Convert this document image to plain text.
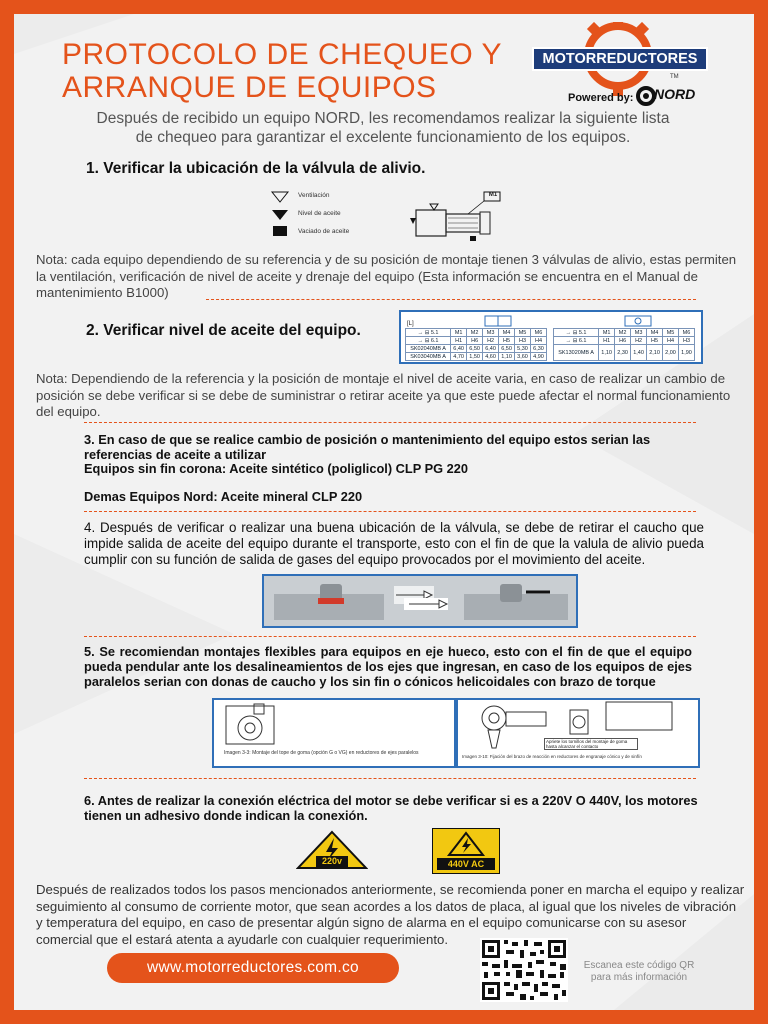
PROTOCOLO DE CHEQUEO Y
ARRANQUE DE EQUIPOS
MOTORREDUCTORES
TM
Powered by: NORD
Después de recibido un equipo NORD, les recomendamos realizar la siguiente lista de chequeo para garantizar el excelente funcionamiento de los equipos.
1. Verificar la ubicación de la válvula de alivio.
Ventilación
Nivel de aceite
Vaciado de aceite
M1
Nota: cada equipo dependiendo de su referencia y de su posición de montaje tienen 3 válvulas de alivio, estas permiten la ventilación, verificación de nivel de aceite y drenaje del equipo (Esta información se encuentra en el Manual de mantenimiento B1000)
2. Verificar nivel de aceite del equipo.	[L]
→ ⊟ 5.1	M1	M2	M3	M4	M5	M6
→ ⊟ 6.1	H1	H6	H2	H5	H3	H4
SK02040MB A	6,40	6,50	6,40	6,50	5,30	6,30
SK03040MB A	4,70	1,50	4,60	1,10	3,60	4,90
→ ⊟ 5.1	M1	M2	M3	M4	M5	M6
→ ⊟ 6.1	H1	H6	H2	H5	H4	H3
SK13020MB A	1,10	2,30	1,40	2,10	2,00	1,90
Nota: Dependiendo de la referencia y la posición de montaje el nivel de aceite varia, en caso de realizar un cambio de posición se debe verificar si se debe de suministrar o retirar aceite ya que este puede afectar el normal funcionamiento del equipo.
3. En caso de que se realice cambio de posición o mantenimiento del equipo estos serian las referencias de aceite a utilizar
Equipos sin fin corona: Aceite sintético (poliglicol) CLP PG 220
Demas Equipos Nord: Aceite mineral CLP 220
4. Después de verificar o realizar una buena ubicación de la válvula, se debe de retirar el caucho que impide salida de aceite del equipo durante el transporte, esto con el fin de que la valula de alivio pueda cumplir con su función de salida de gases del equipo provocados por el movimiento del aceite.
5. Se recomiendan montajes flexibles para equipos en eje hueco, esto con el fin de que el equipo pueda pendular ante los desalineamientos de los ejes que ingresan, en caso de los equipos de ejes paralelos serian con donas de caucho y los sin fin o cónicos helicoidales con brazo de torque
Imagen 3-3: Montaje del tope de goma (opción G o VG) en reductores de ejes paralelos
Apriete los tornillos del montaje de goma hasta alcanzar el contacto
Imagen 3-10: Fijación del brazo de reacción en reductores de engranaje cónico y de sinfín
6. Antes de realizar la conexión eléctrica del motor se debe verificar si es a 220V O 440V, los motores tienen un adhesivo donde indican la conexión.
220v	440V AC
Después de realizados todos los pasos mencionados anteriormente, se recomienda poner en marcha el equipo y realizar seguimiento al consumo de corriente motor, que sean acordes a los datos de placa, al igual que los niveles de vibración y temperatura del equipo, en caso de presentar algún signo de alarma en el equipo comunicarse con su asesor comercial que el estará atenta a ayudarle con cualquier requerimiento.
www.motorreductores.com.co	Escanea este código QR para más información
